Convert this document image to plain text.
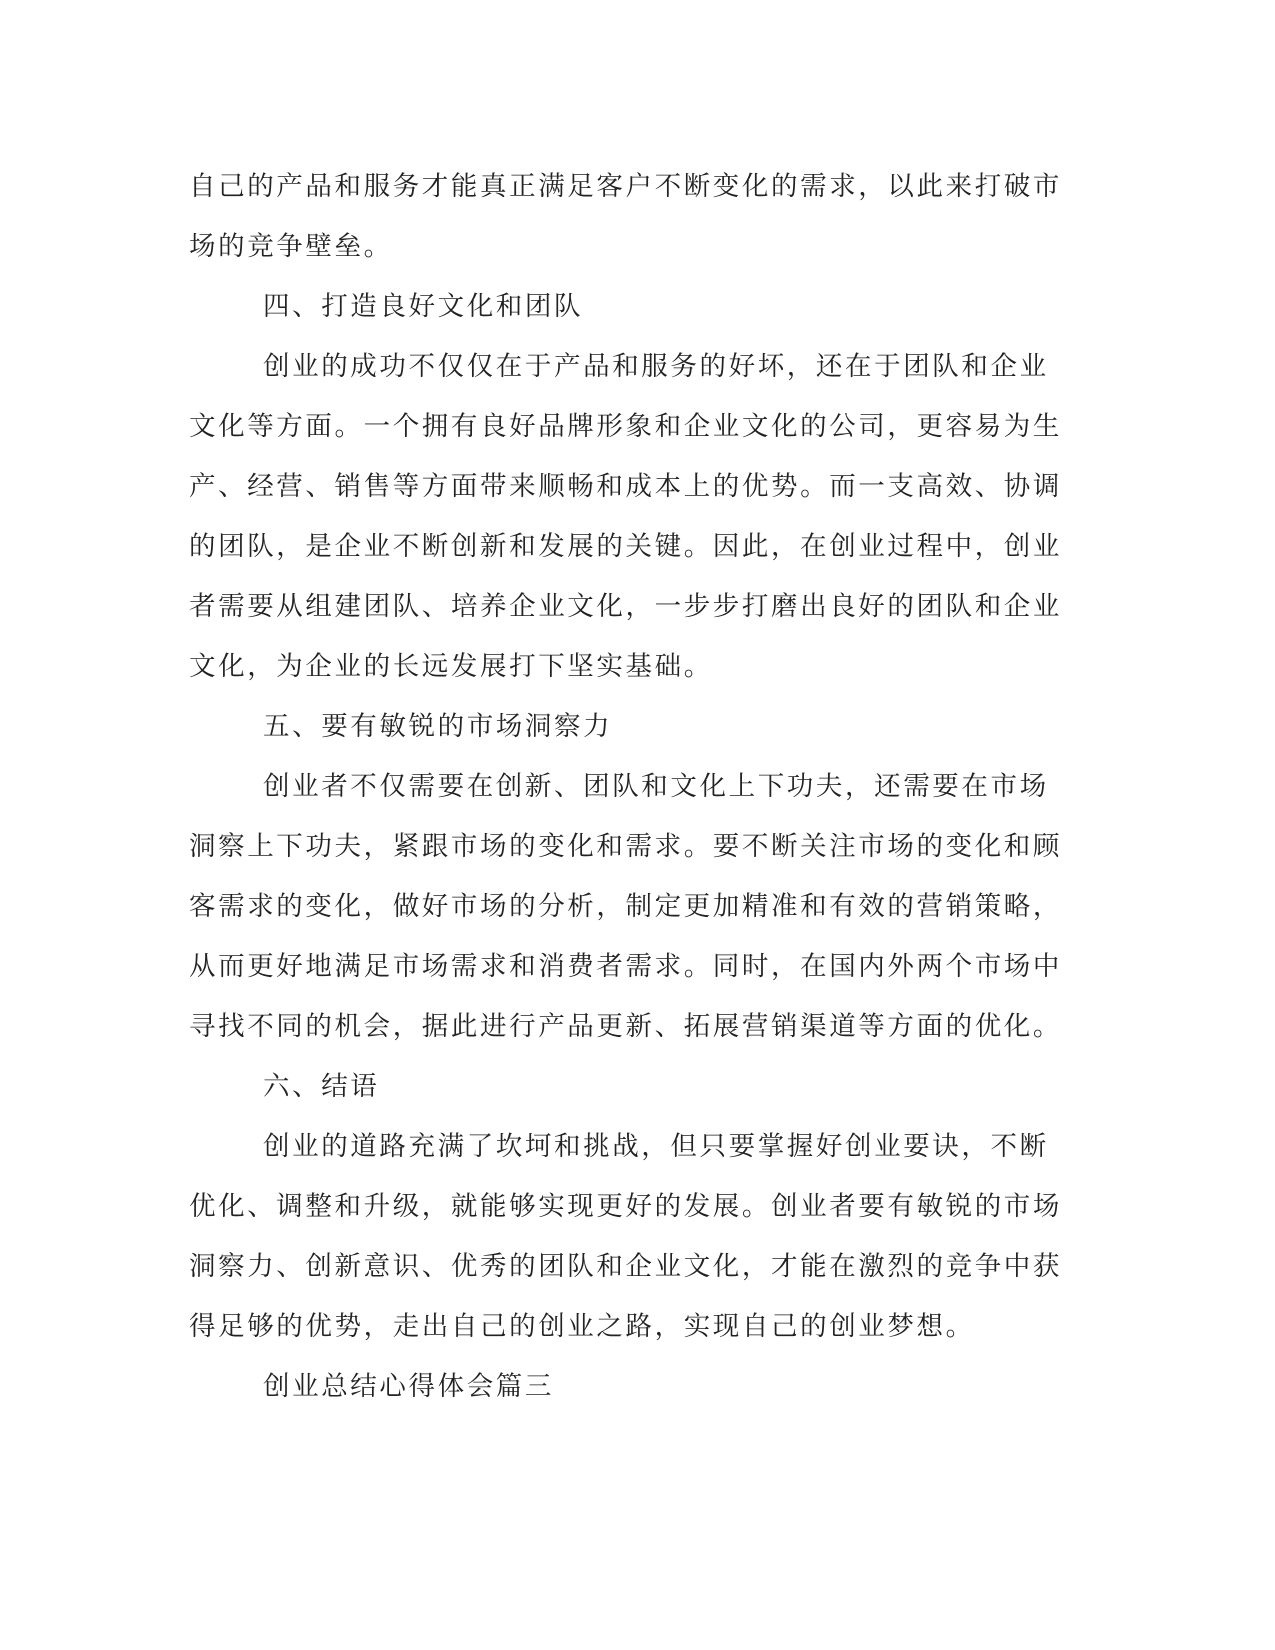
自己的产品和服务才能真正满足客户不断变化的需求，以此来打破市场的竞争壁垒。

四、打造良好文化和团队

创业的成功不仅仅在于产品和服务的好坏，还在于团队和企业文化等方面。一个拥有良好品牌形象和企业文化的公司，更容易为生产、经营、销售等方面带来顺畅和成本上的优势。而一支高效、协调的团队，是企业不断创新和发展的关键。因此，在创业过程中，创业者需要从组建团队、培养企业文化，一步步打磨出良好的团队和企业文化，为企业的长远发展打下坚实基础。

五、要有敏锐的市场洞察力

创业者不仅需要在创新、团队和文化上下功夫，还需要在市场洞察上下功夫，紧跟市场的变化和需求。要不断关注市场的变化和顾客需求的变化，做好市场的分析，制定更加精准和有效的营销策略，从而更好地满足市场需求和消费者需求。同时，在国内外两个市场中寻找不同的机会，据此进行产品更新、拓展营销渠道等方面的优化。

六、结语

创业的道路充满了坎坷和挑战，但只要掌握好创业要诀，不断优化、调整和升级，就能够实现更好的发展。创业者要有敏锐的市场洞察力、创新意识、优秀的团队和企业文化，才能在激烈的竞争中获得足够的优势，走出自己的创业之路，实现自己的创业梦想。

创业总结心得体会篇三
